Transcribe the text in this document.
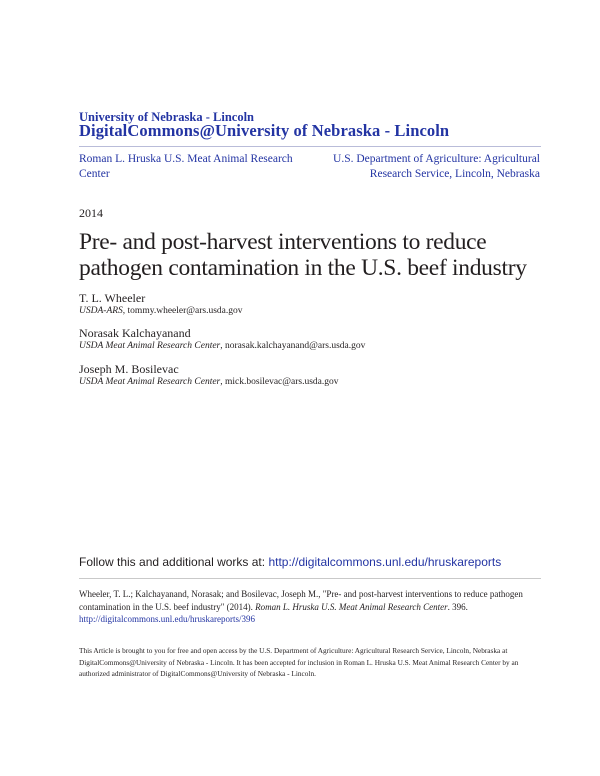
University of Nebraska - Lincoln
DigitalCommons@University of Nebraska - Lincoln
Roman L. Hruska U.S. Meat Animal Research Center
U.S. Department of Agriculture: Agricultural Research Service, Lincoln, Nebraska
2014
Pre- and post-harvest interventions to reduce pathogen contamination in the U.S. beef industry
T. L. Wheeler
USDA-ARS, tommy.wheeler@ars.usda.gov
Norasak Kalchayanand
USDA Meat Animal Research Center, norasak.kalchayanand@ars.usda.gov
Joseph M. Bosilevac
USDA Meat Animal Research Center, mick.bosilevac@ars.usda.gov
Follow this and additional works at: http://digitalcommons.unl.edu/hruskareports
Wheeler, T. L.; Kalchayanand, Norasak; and Bosilevac, Joseph M., "Pre- and post-harvest interventions to reduce pathogen contamination in the U.S. beef industry" (2014). Roman L. Hruska U.S. Meat Animal Research Center. 396.
http://digitalcommons.unl.edu/hruskareports/396
This Article is brought to you for free and open access by the U.S. Department of Agriculture: Agricultural Research Service, Lincoln, Nebraska at DigitalCommons@University of Nebraska - Lincoln. It has been accepted for inclusion in Roman L. Hruska U.S. Meat Animal Research Center by an authorized administrator of DigitalCommons@University of Nebraska - Lincoln.
